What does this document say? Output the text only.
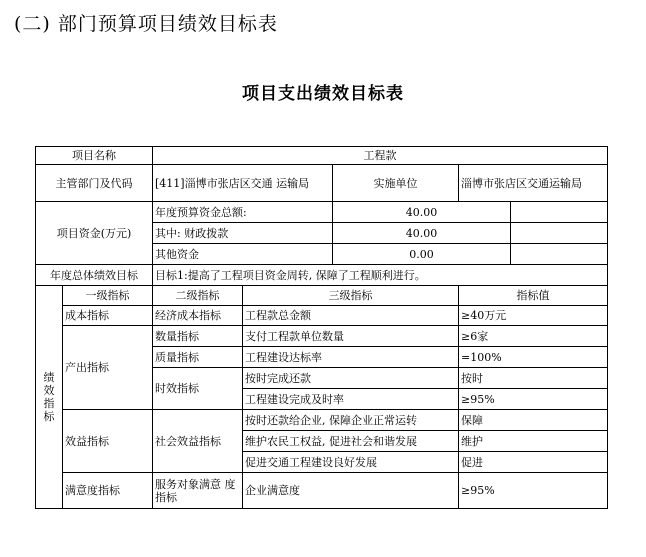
(二) 部门预算项目绩效目标表
项目支出绩效目标表
项目名称		工程款				
主管部门及代码		[411]淄博市张店区交通 运输局		实施单位	淄博市张店区交通运输局	
项目资金(万元)		年度预算资金总额:		40.00		
		其中: 财政拨款		40.00		
		其他资金		0.00		
年度总体绩效目标		目标1:提高了工程项目资金周转, 保障了工程顺利进行。				

绩
效
指
标	一级指标	二级指标	三级指标		指标值	
	成本指标	经济成本指标	工程款总金额		≥40万元	
	产出指标	数量指标	支付工程款单位数量		≥6家	
		质量指标	工程建设达标率		=100%	
		时效指标	按时完成还款		按时	
			工程建设完成及时率		≥95%	
	效益指标	社会效益指标	按时还款给企业, 保障企业正常运转		保障	
			维护农民工权益, 促进社会和谐发展		维护	
			促进交通工程建设良好发展		促进	
	满意度指标	服务对象满意 度指标	企业满意度		≥95%	
